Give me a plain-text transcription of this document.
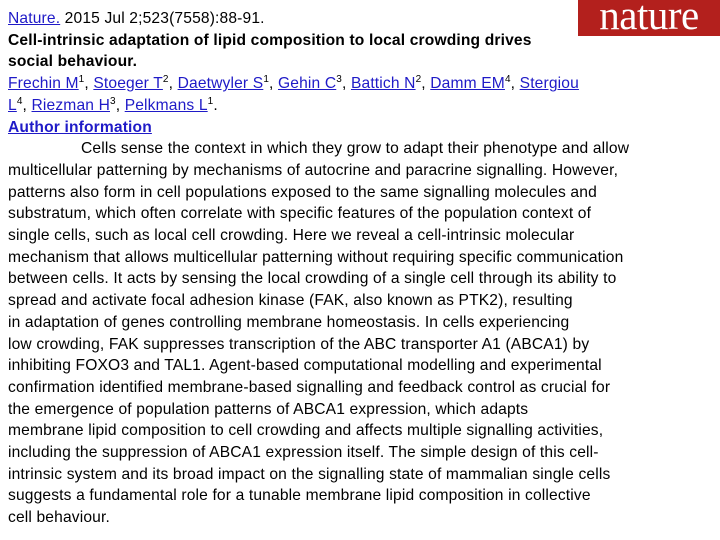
nature
Nature. 2015 Jul 2;523(7558):88-91.
Cell-intrinsic adaptation of lipid composition to local crowding drives
social behaviour.
Frechin $M^1$, Stoeger $T^2$, Daetwyler $S^1$, Gehin $C^3$, Battich $N^2$, Damm $EM^4$, Stergiou
$L^4$, Riezman $H^3$, Pelkmans $L^1$.
Author information
Cells sense the context in which they grow to adapt their phenotype and allow
multicellular patterning by mechanisms of autocrine and paracrine signalling. However,
patterns also form in cell populations exposed to the same signalling molecules and
substratum, which often correlate with specific features of the population context of
single cells, such as local cell crowding. Here we reveal a cell-intrinsic molecular
mechanism that allows multicellular patterning without requiring specific communication
between cells. It acts by sensing the local crowding of a single cell through its ability to
spread and activate focal adhesion kinase (FAK, also known as PTK2), resulting
in adaptation of genes controlling membrane homeostasis. In cells experiencing
low crowding, FAK suppresses transcription of the ABC transporter A1 (ABCA1) by
inhibiting FOXO3 and TAL1. Agent-based computational modelling and experimental
confirmation identified membrane-based signalling and feedback control as crucial for
the emergence of population patterns of ABCA1 expression, which adapts
membrane lipid composition to cell crowding and affects multiple signalling activities,
including the suppression of ABCA1 expression itself. The simple design of this cell-
intrinsic system and its broad impact on the signalling state of mammalian single cells
suggests a fundamental role for a tunable membrane lipid composition in collective
cell behaviour.
